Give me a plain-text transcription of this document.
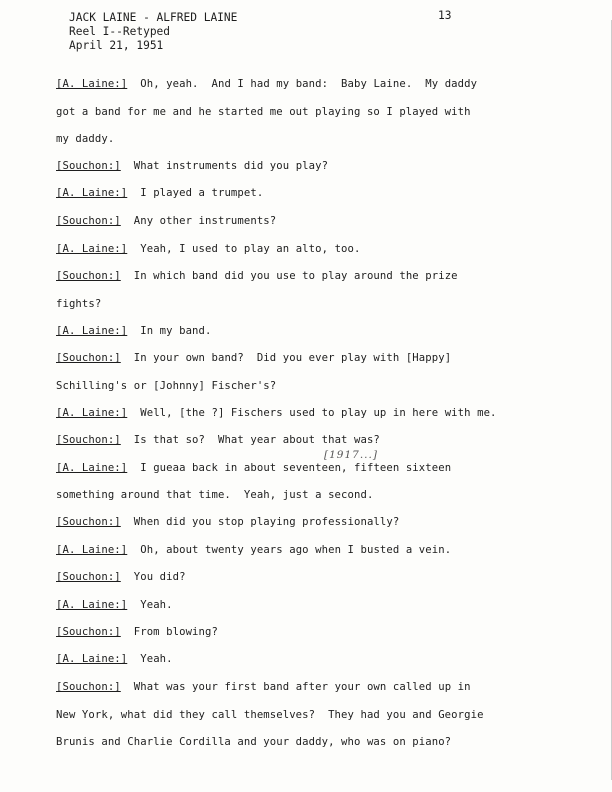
JACK LAINE - ALFRED LAINE
Reel I--Retyped
April 21, 1951
13
[A. Laine:] Oh, yeah.  And I had my band:  Baby Laine.  My daddy
got a band for me and he started me out playing so I played with
my daddy.
[Souchon:] What instruments did you play?
[A. Laine:] I played a trumpet.
[Souchon:] Any other instruments?
[A. Laine:] Yeah, I used to play an alto, too.
[Souchon:] In which band did you use to play around the prize
fights?
[A. Laine:] In my band.
[Souchon:] In your own band?  Did you ever play with [Happy]
Schilling's or [Johnny] Fischer's?
[A. Laine:] Well, [the ?] Fischers used to play up in here with me.
[Souchon:] Is that so?  What year about that was?
[A. Laine:] I gueaa back in about seventeen, fifteen sixteen
something around that time.  Yeah, just a second.
[Souchon:] When did you stop playing professionally?
[A. Laine:] Oh, about twenty years ago when I busted a vein.
[Souchon:] You did?
[A. Laine:] Yeah.
[Souchon:] From blowing?
[A. Laine:] Yeah.
[Souchon:] What was your first band after your own called up in
New York, what did they call themselves?  They had you and Georgie
Brunis and Charlie Cordilla and your daddy, who was on piano?
[1917...]
